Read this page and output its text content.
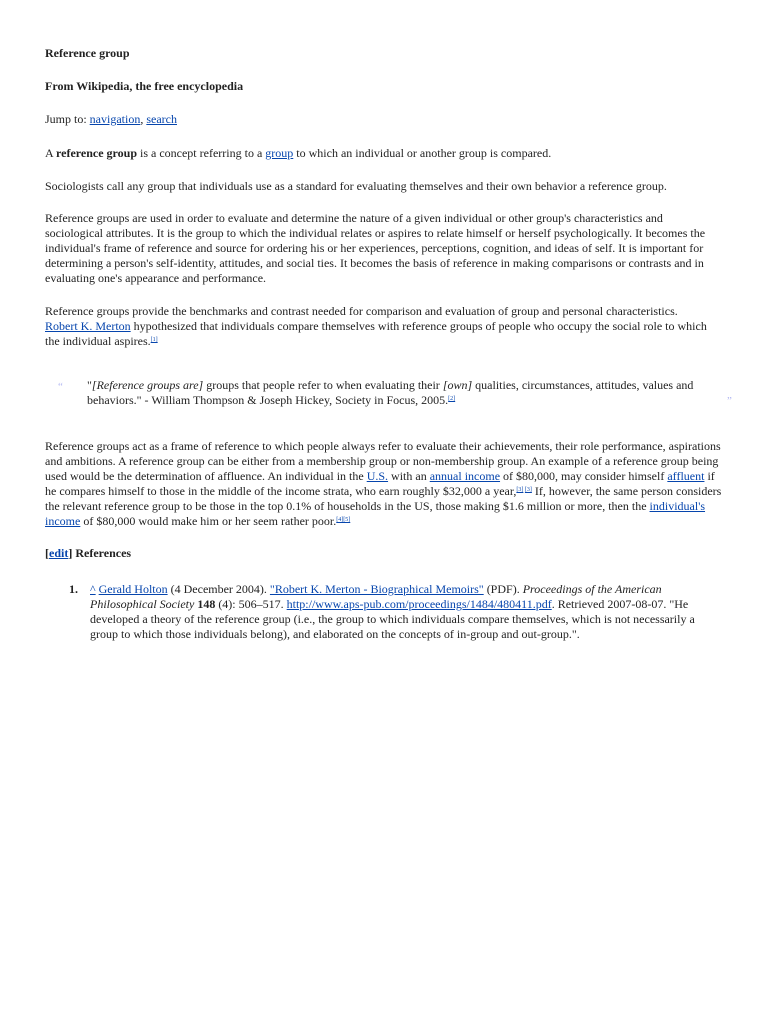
Reference group

From Wikipedia, the free encyclopedia

Jump to: navigation, search

A reference group is a concept referring to a group to which an individual or another group is compared.

Sociologists call any group that individuals use as a standard for evaluating themselves and their own behavior a reference group.

Reference groups are used in order to evaluate and determine the nature of a given individual or other group's characteristics and sociological attributes. It is the group to which the individual relates or aspires to relate himself or herself psychologically. It becomes the individual's frame of reference and source for ordering his or her experiences, perceptions, cognition, and ideas of self. It is important for determining a person's self-identity, attitudes, and social ties. It becomes the basis of reference in making comparisons or contrasts and in evaluating one's appearance and performance.

Reference groups provide the benchmarks and contrast needed for comparison and evaluation of group and personal characteristics. Robert K. Merton hypothesized that individuals compare themselves with reference groups of people who occupy the social role to which the individual aspires.[1]

“ "[Reference groups are] groups that people refer to when evaluating their [own] qualities, circumstances, attitudes, values and behaviors." - William Thompson & Joseph Hickey, Society in Focus, 2005.[2]	”

Reference groups act as a frame of reference to which people always refer to evaluate their achievements, their role performance, aspirations and ambitions. A reference group can be either from a membership group or non-membership group. An example of a reference group being used would be the determination of affluence. An individual in the U.S. with an annual income of $80,000, may consider himself affluent if he compares himself to those in the middle of the income strata, who earn roughly $32,000 a year,[3] [3] If, however, the same person considers the relevant reference group to be those in the top 0.1% of households in the US, those making $1.6 million or more, then the individual's income of $80,000 would make him or her seem rather poor.[4][5]

[edit] References

1. ^ Gerald Holton (4 December 2004). "Robert K. Merton - Biographical Memoirs" (PDF). Proceedings of the American Philosophical Society 148 (4): 506–517. http://www.aps-pub.com/proceedings/1484/480411.pdf. Retrieved 2007-08-07. "He developed a theory of the reference group (i.e., the group to which individuals compare themselves, which is not necessarily a group to which those individuals belong), and elaborated on the concepts of in-group and out-group.".
